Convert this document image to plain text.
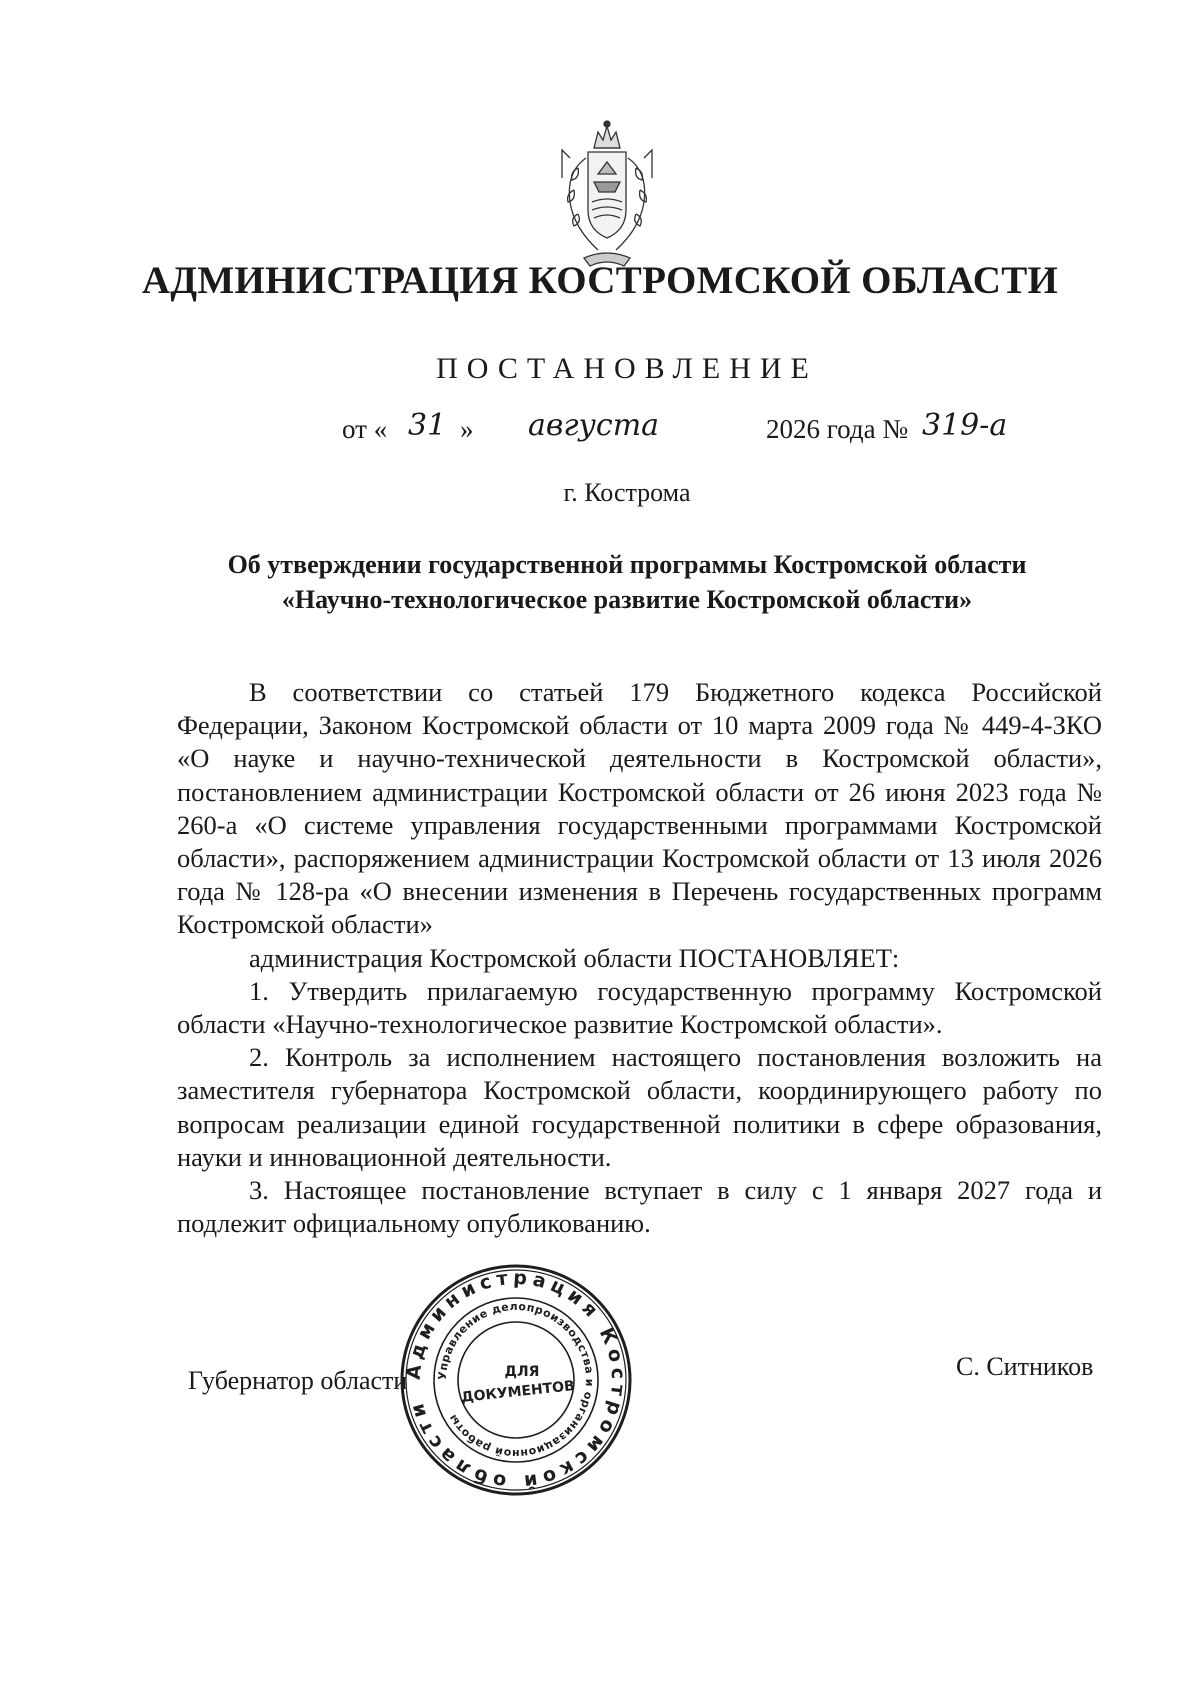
АДМИНИСТРАЦИЯ КОСТРОМСКОЙ ОБЛАСТИ
ПОСТАНОВЛЕНИЕ
от « 31 » августа	2026 года № 319-а
г. Кострома
Об утверждении государственной программы Костромской области
«Научно-технологическое развитие Костромской области»

В соответствии со статьей 179 Бюджетного кодекса Российской Федерации, Законом Костромской области от 10 марта 2009 года № 449-4-ЗКО «О науке и научно-технической деятельности в Костромской области», постановлением администрации Костромской области от 26 июня 2023 года № 260-а «О системе управления государственными программами Костромской области», распоряжением администрации Костромской области от 13 июля 2026 года № 128-ра «О внесении изменения в Перечень государственных программ Костромской области»

администрация Костромской области ПОСТАНОВЛЯЕТ:

1. Утвердить прилагаемую государственную программу Костромской области «Научно-технологическое развитие Костромской области».

2. Контроль за исполнением настоящего постановления возложить на заместителя губернатора Костромской области, координирующего работу по вопросам реализации единой государственной политики в сфере образования, науки и инновационной деятельности.

3. Настоящее постановление вступает в силу с 1 января 2027 года и подлежит официальному опубликованию.

Губернатор области	С. Ситников
Администрация Костромской области
Управление делопроизводства и организационной работы
ДЛЯ
ДОКУМЕНТОВ
